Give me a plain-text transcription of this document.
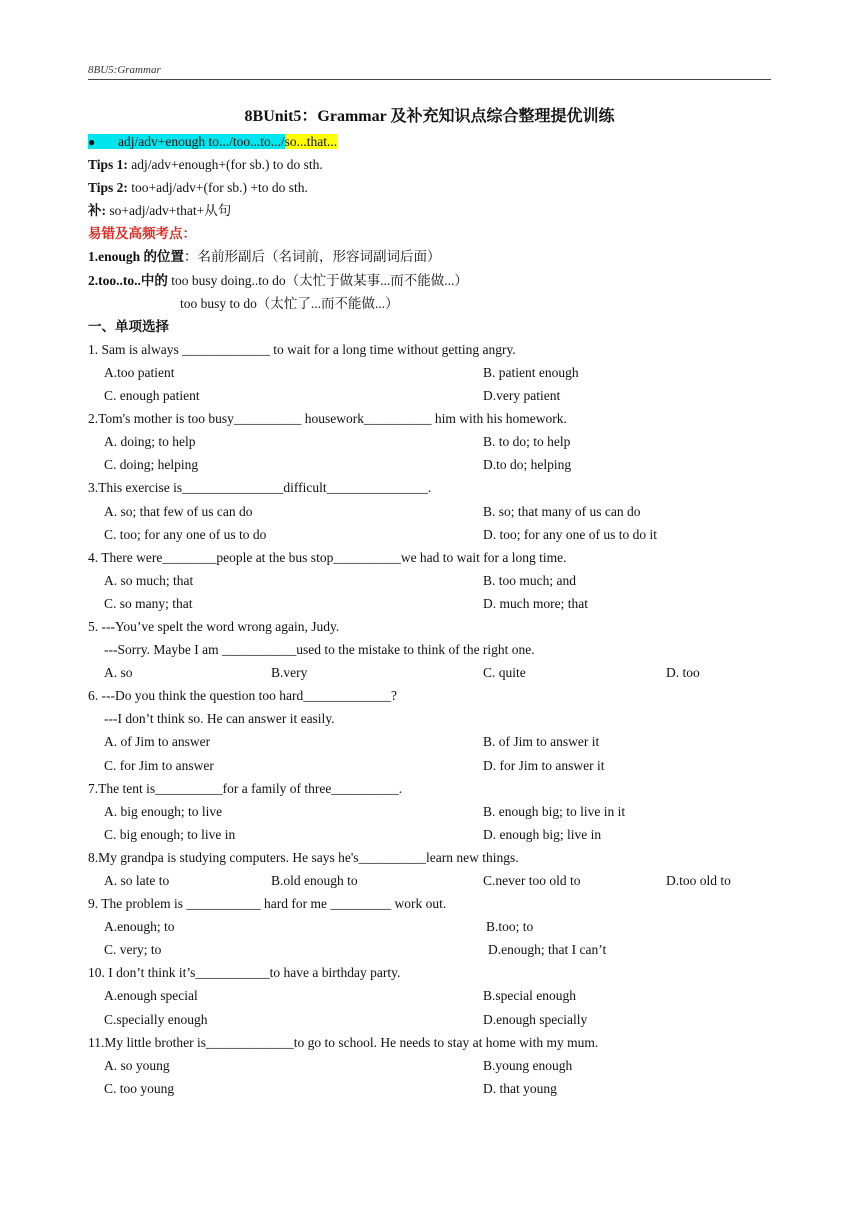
8BU5:Grammar
8BUnit5：Grammar 及补充知识点综合整理提优训练
● adj/adv+enough to.../too...to.../so...that...
Tips 1: adj/adv+enough+(for sb.) to do sth.
Tips 2: too+adj/adv+(for sb.) +to do sth.
补: so+adj/adv+that+从句
易错及高频考点：
1.enough 的位置：名前形副后（名词前，形容词副词后面）
2.too..to..中的 too busy doing..to do（太忙于做某事...而不能做...）
too busy to do（太忙了...而不能做...）
一、单项选择
1. Sam is always _____________ to wait for a long time without getting angry.
A.too patient	B. patient enough
C. enough patient	D.very patient
2.Tom's mother is too busy__________ housework__________ him with his homework.
A. doing; to help	B. to do; to help
C. doing; helping	D.to do; helping
3.This exercise is_______________difficult_______________.
A. so; that few of us can do	B. so; that many of us can do
C. too; for any one of us to do	D. too; for any one of us to do it
4. There were________people at the bus stop__________we had to wait for a long time.
A. so much; that	B. too much; and
C. so many; that	D. much more; that
5. ---You’ve spelt the word wrong again, Judy.
---Sorry. Maybe I am ___________used to the mistake to think of the right one.
A. so	B.very	C. quite	D. too
6. ---Do you think the question too hard_____________?
---I don’t think so. He can answer it easily.
A. of Jim to answer	B. of Jim to answer it
C. for Jim to answer	D. for Jim to answer it
7.The tent is__________for a family of three__________.
A. big enough; to live	B. enough big; to live in it
C. big enough; to live in	D. enough big; live in
8.My grandpa is studying computers. He says he's__________learn new things.
A. so late to	B.old enough to	C.never too old to	D.too old to
9. The problem is ___________ hard for me _________ work out.
A.enough; to	B.too; to
C. very; to	D.enough; that I can’t
10. I don’t think it’s___________to have a birthday party.
A.enough special	B.special enough
C.specially enough	D.enough specially
11.My little brother is_____________to go to school. He needs to stay at home with my mum.
A. so young	B.young enough
C. too young	D. that young
